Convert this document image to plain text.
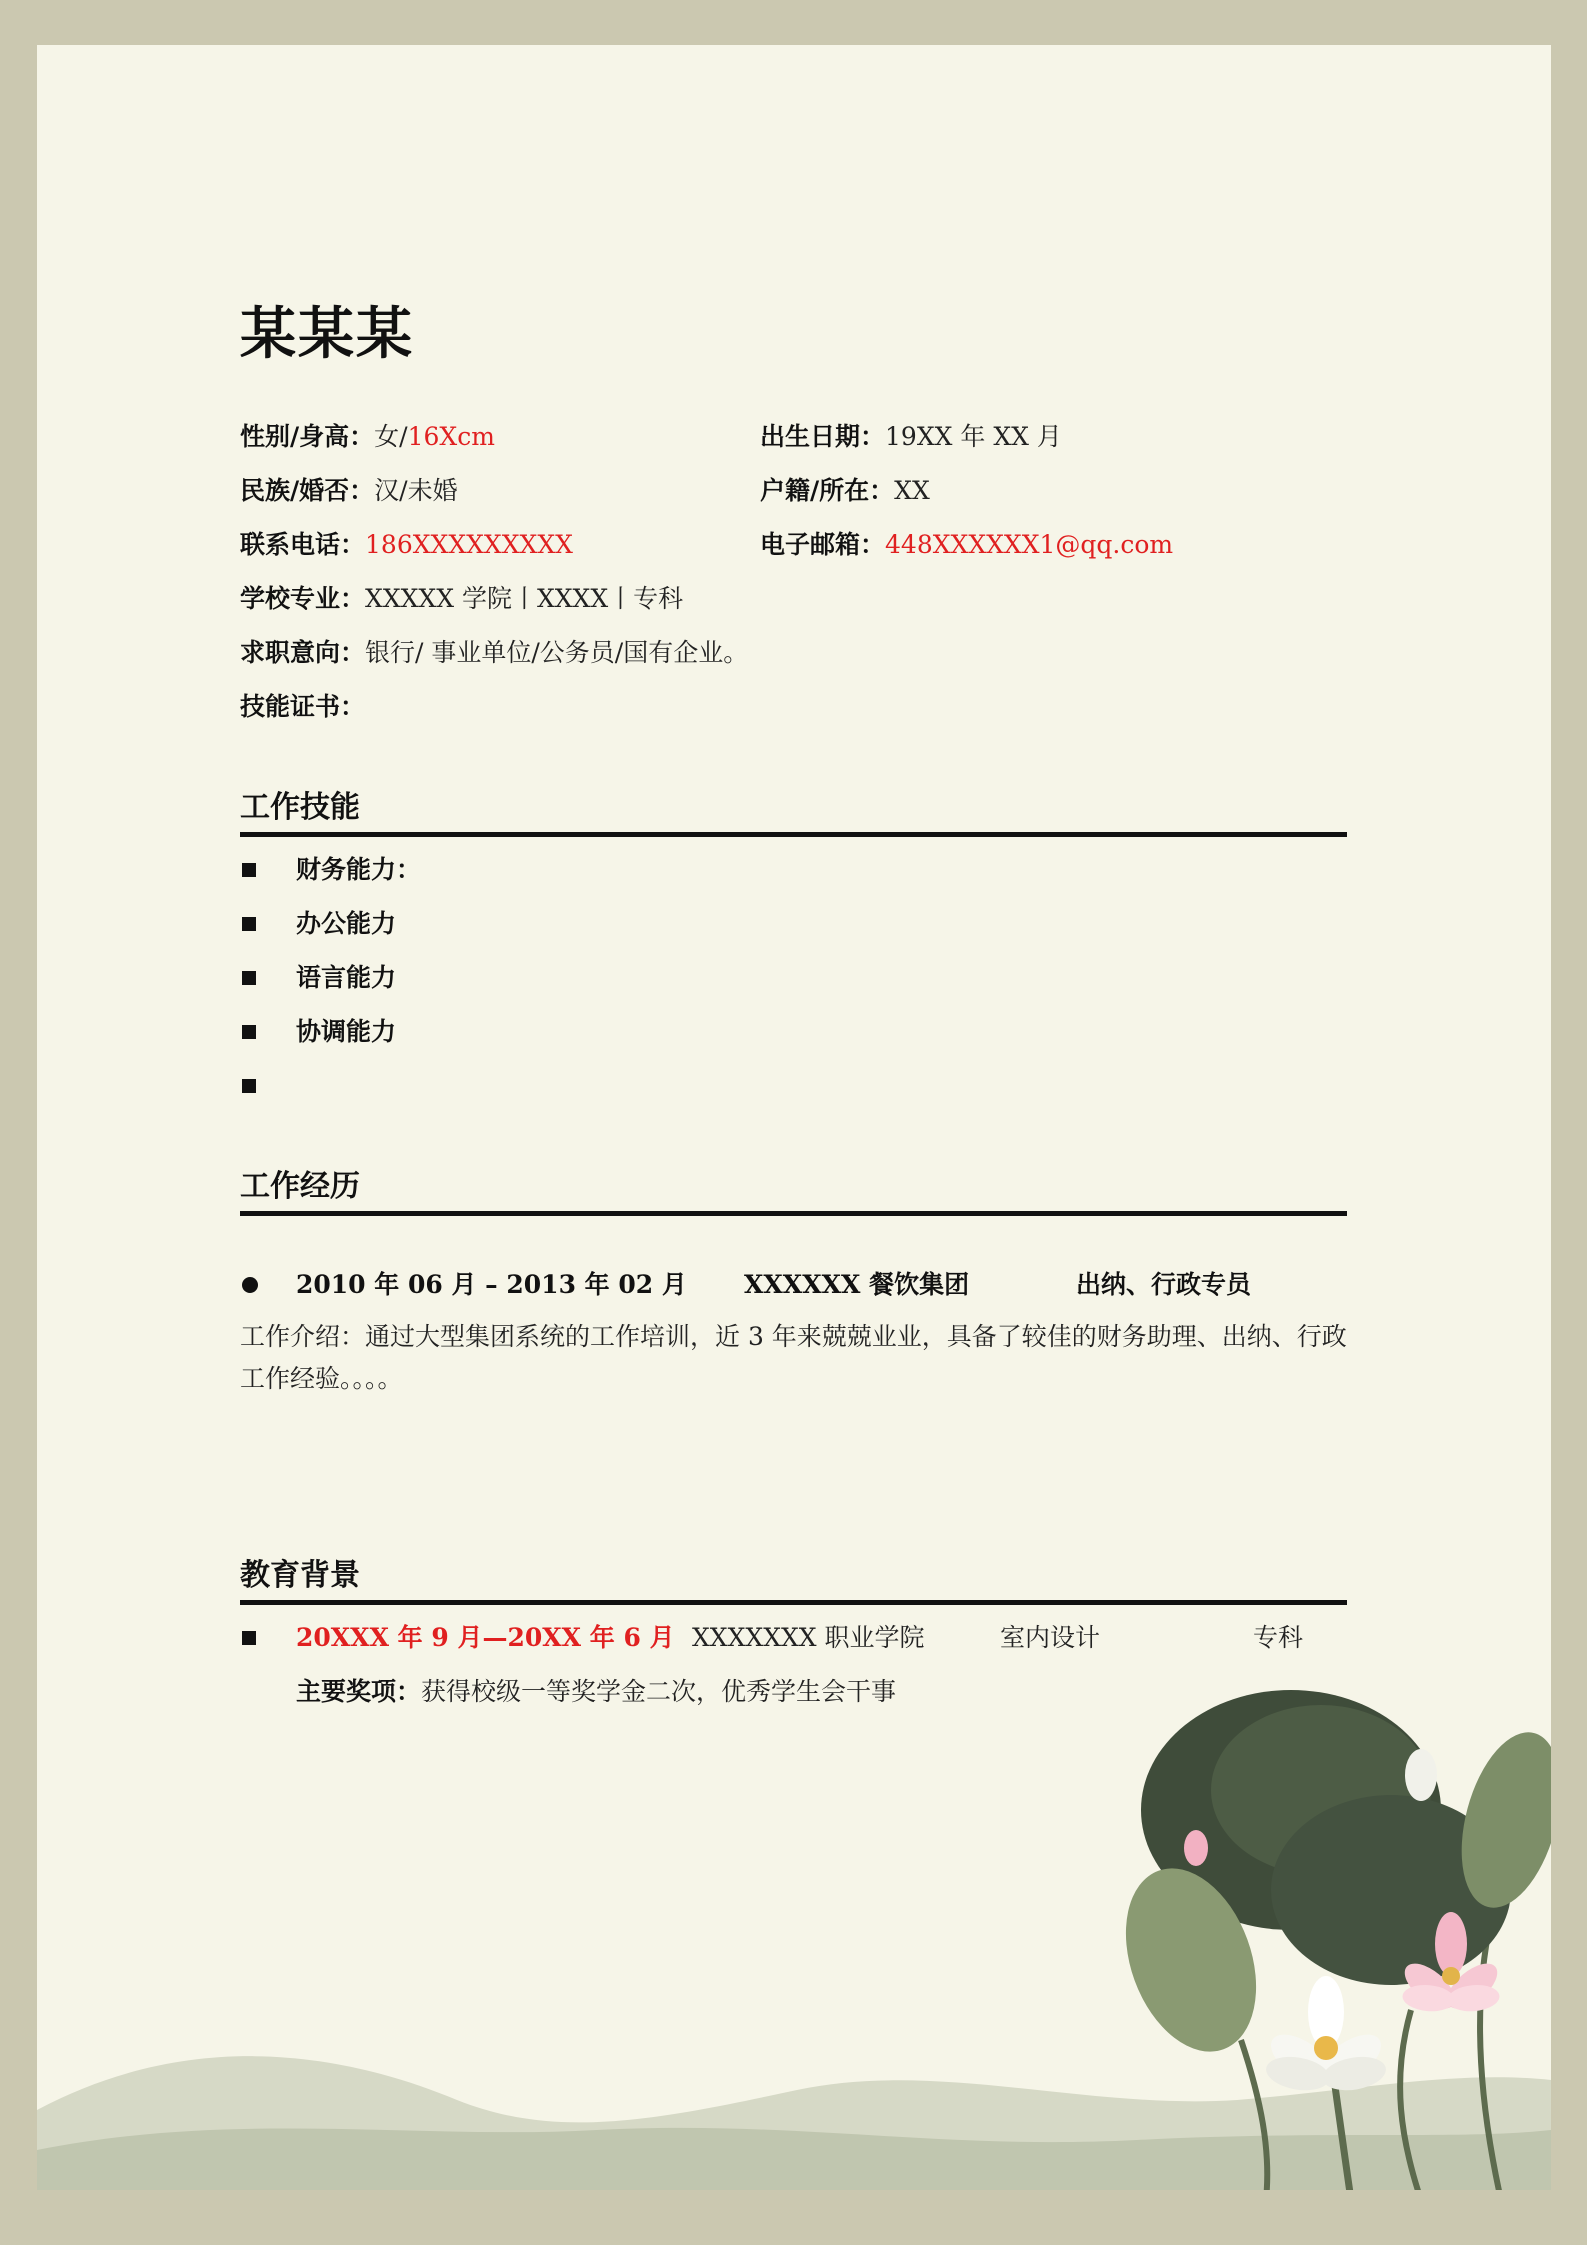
某某某
性别/身高：女/16Xcm	出生日期：19XX 年 XX 月
民族/婚否：汉/未婚	户籍/所在：XX
联系电话：186XXXXXXXXX	电子邮箱：448XXXXXX1@qq.com
学校专业：XXXXX 学院丨XXXX丨专科
求职意向：银行/ 事业单位/公务员/国有企业。
技能证书：
工作技能
财务能力：
办公能力
语言能力
协调能力
工作经历
2010 年 06 月 – 2013 年 02 月 XXXXXX 餐饮集团	出纳、行政专员
工作介绍：通过大型集团系统的工作培训，近 3 年来兢兢业业，具备了较佳的财务助理、出纳、行政工作经验。。。。
教育背景
20XXX 年 9 月—20XX 年 6 月 XXXXXXX 职业学院	室内设计	专科
主要奖项：获得校级一等奖学金二次，优秀学生会干事
